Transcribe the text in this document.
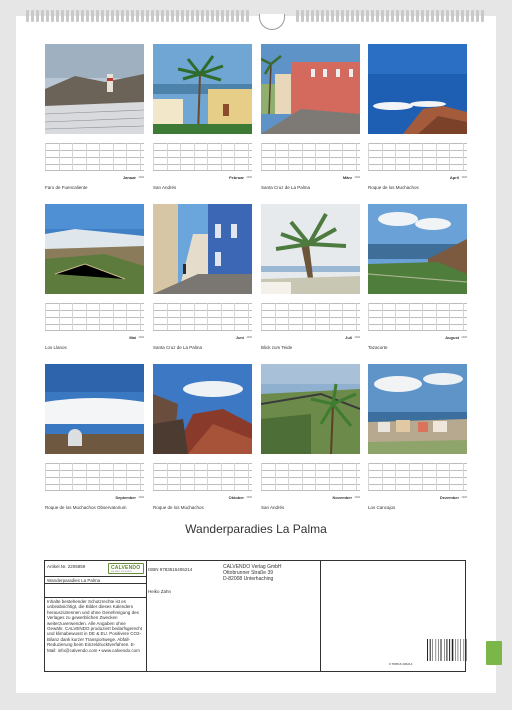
Januar 2026
Faro de Fuencaliente
Februar 2026
San Andrés
März 2026
Santa Cruz de La Palma
April 2026
Roque de los Muchachos
Mai 2026
Los Llanos
Juni 2026
Santa Cruz de La Palma
Juli 2026
Blick zum Teide
August 2026
Tazacorte
September 2026
Roque de los Muchachos Observatorium
Oktober 2026
Roque de los Muchachos
November 2026
San Andrés
Dezember 2026
Los Cancajos
Wanderparadies La Palma
Artikel.Nr. 2205859	CALVENDO
DIE WELT IST SCHÖN
Wanderparadies La Palma
Inhalte bestehender Schutzrechte ist es unbeabsichtigt, die Bilder dieses Kalenders herauszutrennen und ohne Genehmigung des Verlages zu gewerblichen Zwecken weiterzuverwenden. Alle Angaben ohne Gewähr. CALVENDO produziert bedarfsgerecht und klimabewusst in DE & EU. Positivere CO2-Bilanz dank kurzer Transportwege. Abfall-Reduzierung beim Einzeldrucktverfahren. E-Mail: info@calvendo.com • www.calvendo.com
ISBN 9783516406214
Heiko Zahn
CALVENDO Verlag GmbH
Ottobrunner Straße 39
D-82008 Unterhaching
9 783516 406214
